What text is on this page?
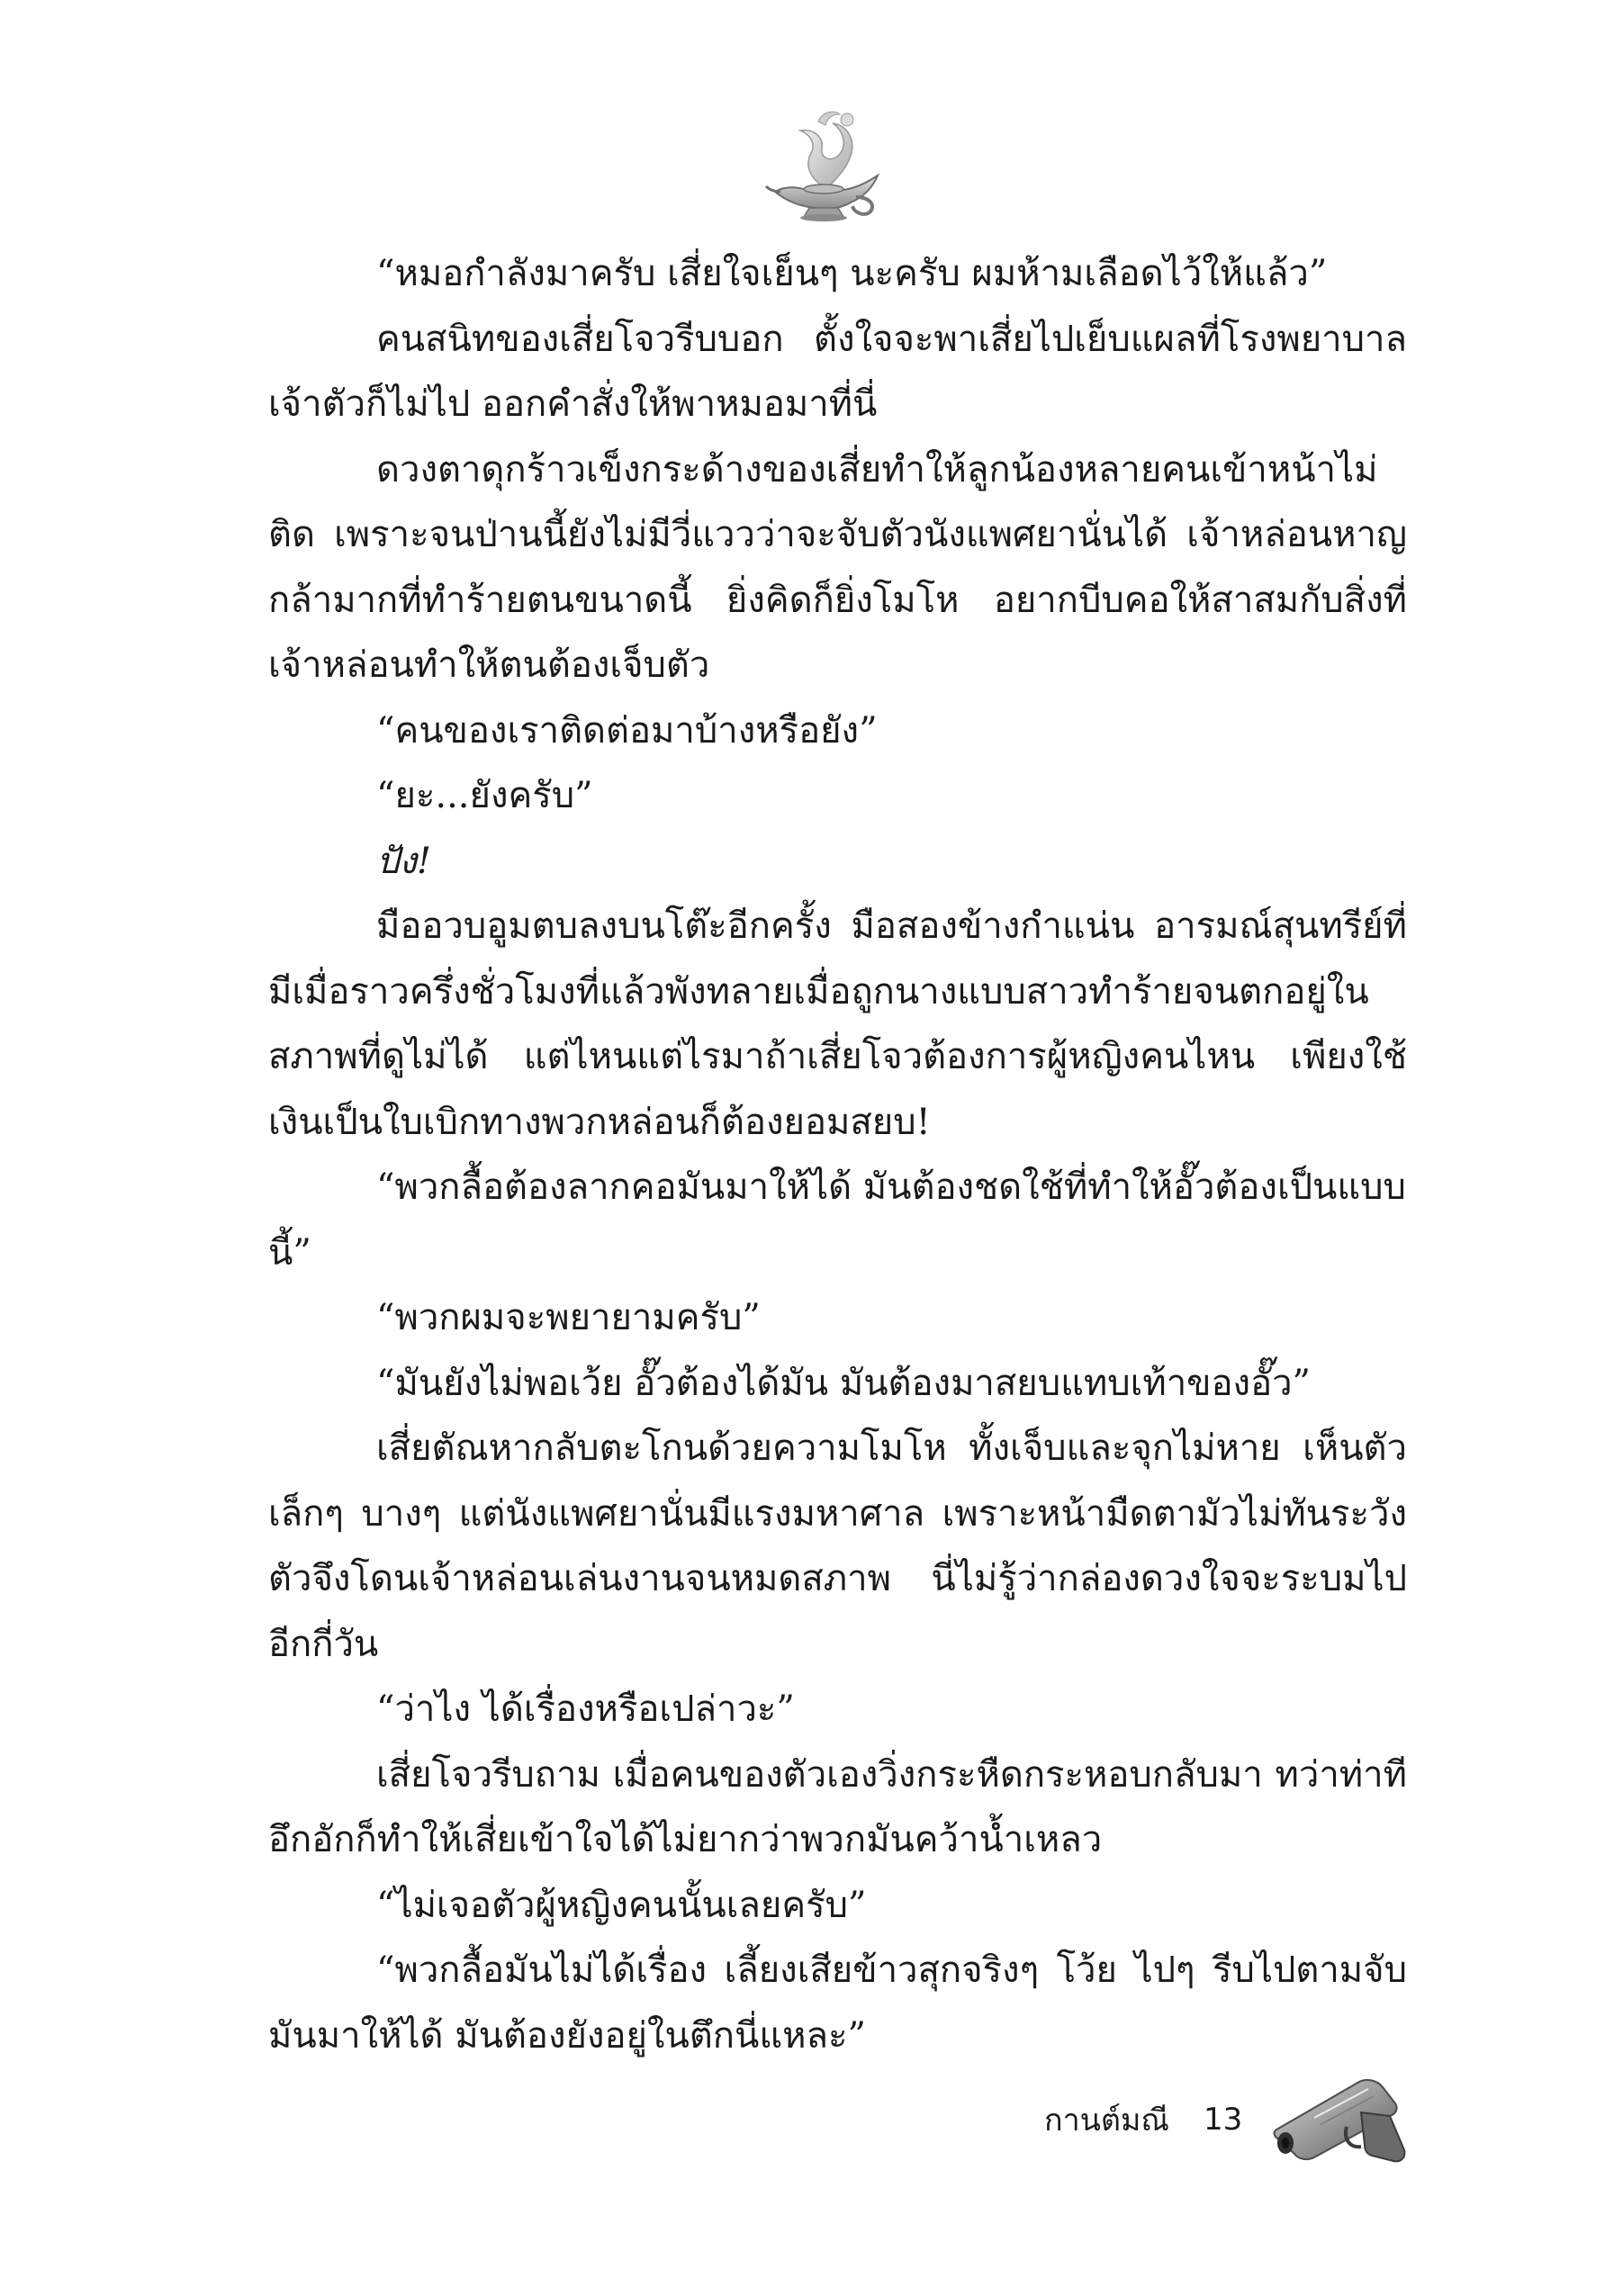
“หมอกำลังมาครับ เสี่ยใจเย็นๆ นะครับ ผมห้ามเลือดไว้ให้แล้ว”

คนสนิทของเสี่ยโจวรีบบอก ตั้งใจจะพาเสี่ยไปเย็บแผลที่โรงพยาบาลเจ้าตัวก็ไม่ไป ออกคำสั่งให้พาหมอมาที่นี่

ดวงตาดุกร้าวเข็งกระด้างของเสี่ยทำให้ลูกน้องหลายคนเข้าหน้าไม่ติด เพราะจนป่านนี้ยังไม่มีวี่แววว่าจะจับตัวนังแพศยานั่นได้ เจ้าหล่อนหาญกล้ามากที่ทำร้ายตนขนาดนี้ ยิ่งคิดก็ยิ่งโมโห อยากบีบคอให้สาสมกับสิ่งที่เจ้าหล่อนทำให้ตนต้องเจ็บตัว

“คนของเราติดต่อมาบ้างหรือยัง”

“ยะ...ยังครับ”

ปัง!

มืออวบอูมตบลงบนโต๊ะอีกครั้ง มือสองข้างกำแน่น อารมณ์สุนทรีย์ที่มีเมื่อราวครึ่งชั่วโมงที่แล้วพังทลายเมื่อถูกนางแบบสาวทำร้ายจนตกอยู่ในสภาพที่ดูไม่ได้ แต่ไหนแต่ไรมาถ้าเสี่ยโจวต้องการผู้หญิงคนไหน เพียงใช้เงินเป็นใบเบิกทางพวกหล่อนก็ต้องยอมสยบ!

“พวกลื้อต้องลากคอมันมาให้ได้ มันต้องชดใช้ที่ทำให้อั๊วต้องเป็นแบบนี้”

“พวกผมจะพยายามครับ”

“มันยังไม่พอเว้ย อั๊วต้องได้มัน มันต้องมาสยบแทบเท้าของอั๊ว”

เสี่ยตัณหากลับตะโกนด้วยความโมโห ทั้งเจ็บและจุกไม่หาย เห็นตัวเล็กๆ บางๆ แต่นังแพศยานั่นมีแรงมหาศาล เพราะหน้ามืดตามัวไม่ทันระวังตัวจึงโดนเจ้าหล่อนเล่นงานจนหมดสภาพ นี่ไม่รู้ว่ากล่องดวงใจจะระบมไปอีกกี่วัน

“ว่าไง ได้เรื่องหรือเปล่าวะ”

เสี่ยโจวรีบถาม เมื่อคนของตัวเองวิ่งกระหืดกระหอบกลับมา ทว่าท่าทีอึกอักก็ทำให้เสี่ยเข้าใจได้ไม่ยากว่าพวกมันคว้าน้ำเหลว

“ไม่เจอตัวผู้หญิงคนนั้นเลยครับ”

“พวกลื้อมันไม่ได้เรื่อง เลี้ยงเสียข้าวสุกจริงๆ โว้ย ไปๆ รีบไปตามจับมันมาให้ได้ มันต้องยังอยู่ในตึกนี่แหละ”

กานต์มณี 13
